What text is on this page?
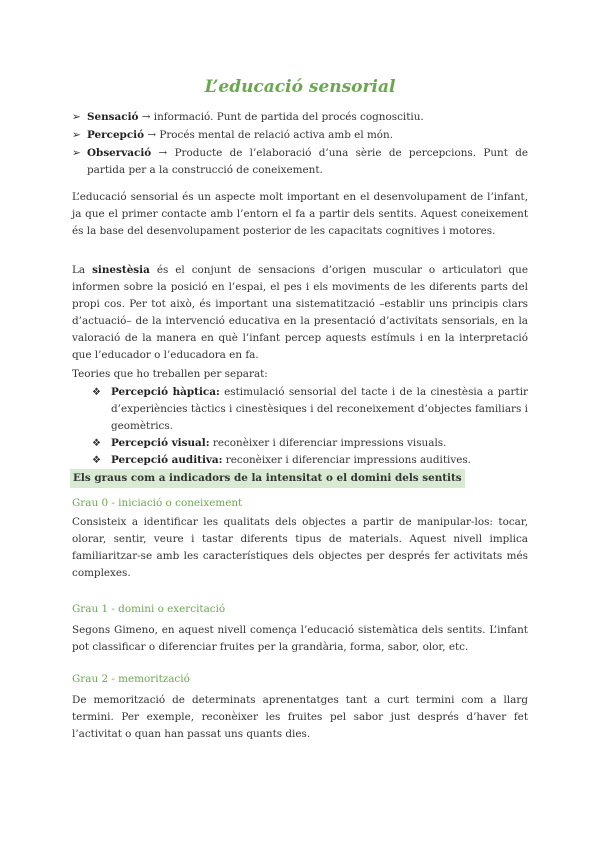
L’educació sensorial
➢ Sensació → informació. Punt de partida del procés cognoscitiu.
➢ Percepció → Procés mental de relació activa amb el món.
➢ Observació → Producte de l’elaboració d’una sèrie de percepcions. Punt de partida per a la construcció de coneixement.
L’educació sensorial és un aspecte molt important en el desenvolupament de l’infant, ja que el primer contacte amb l’entorn el fa a partir dels sentits. Aquest coneixement és la base del desenvolupament posterior de les capacitats cognitives i motores.
La sinestèsia és el conjunt de sensacions d’origen muscular o articulatori que informen sobre la posició en l’espai, el pes i els moviments de les diferents parts del propi cos. Per tot això, és important una sistematització –establir uns principis clars d’actuació– de la intervenció educativa en la presentació d’activitats sensorials, en la valoració de la manera en què l’infant percep aquests estímuls i en la interpretació que l’educador o l’educadora en fa.
Teories que ho treballen per separat:
❖ Percepció hàptica: estimulació sensorial del tacte i de la cinestèsia a partir d’experiències tàctics i cinestèsiques i del reconeixement d’objectes familiars i geomètrics.
❖ Percepció visual: reconèixer i diferenciar impressions visuals.
❖ Percepció auditiva: reconèixer i diferenciar impressions auditives.
Els graus com a indicadors de la intensitat o el domini dels sentits
Grau 0 - iniciació o coneixement
Consisteix a identificar les qualitats dels objectes a partir de manipular-los: tocar, olorar, sentir, veure i tastar diferents tipus de materials. Aquest nivell implica familiaritzar-se amb les característiques dels objectes per després fer activitats més complexes.
Grau 1 - domini o exercitació
Segons Gimeno, en aquest nivell comença l’educació sistemàtica dels sentits. L’infant pot classificar o diferenciar fruites per la grandària, forma, sabor, olor, etc.
Grau 2 - memorització
De memorització de determinats aprenentatges tant a curt termini com a llarg termini. Per exemple, reconèixer les fruites pel sabor just després d’haver fet l’activitat o quan han passat uns quants dies.
